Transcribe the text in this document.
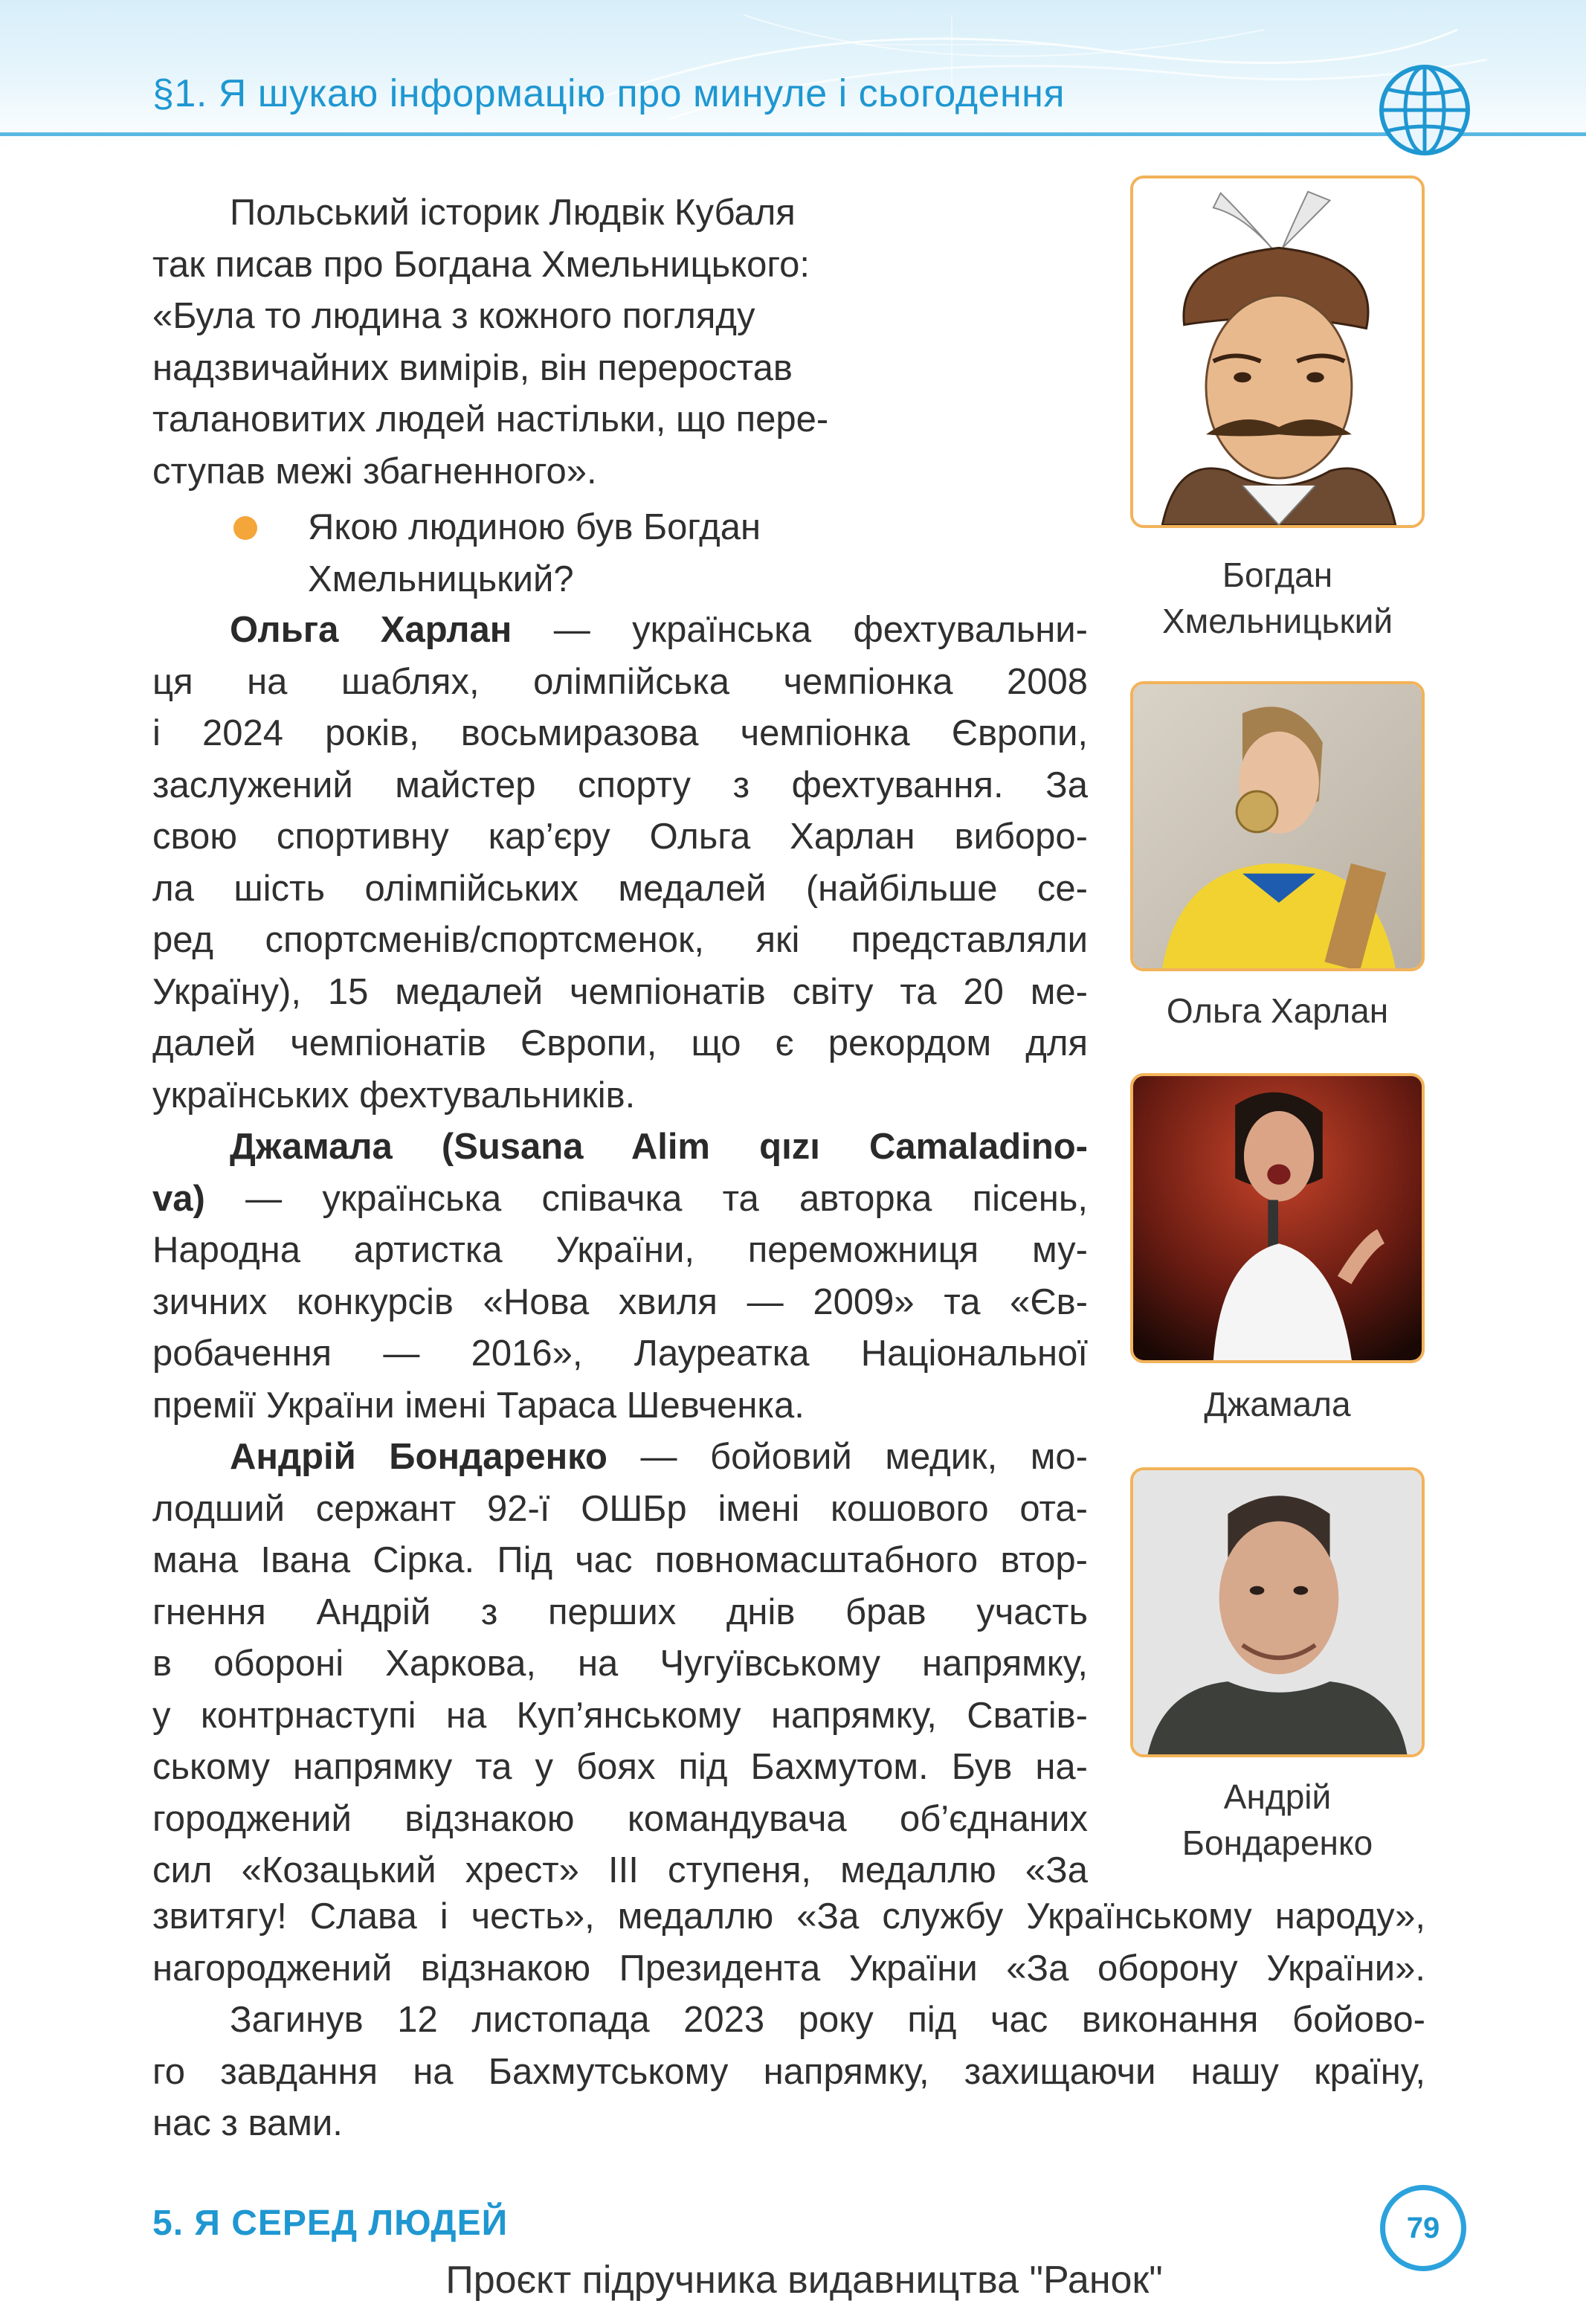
§1. Я шукаю інформацію про минуле і сьогодення
Польський історик Людвік Кубаля
так писав про Богдана Хмельницького:
«Була то людина з кожного погляду
надзвичайних вимірів, він переростав
талановитих людей настільки, що пере-
ступав межі збагненного».
Якою людиною був Богдан
Хмельницький?
Ольга Харлан — українська фехтувальни-
ця на шаблях, олімпійська чемпіонка 2008
і 2024 років, восьмиразова чемпіонка Європи,
заслужений майстер спорту з фехтування. За
свою спортивну кар’єру Ольга Харлан виборо-
ла шість олімпійських медалей (найбільше се-
ред спортсменів/спортсменок, які представляли
Україну), 15 медалей чемпіонатів світу та 20 ме-
далей чемпіонатів Європи, що є рекордом для
українських фехтувальників.
Джамала (Susana Alim qızı Camaladino-
va) — українська співачка та авторка пісень,
Народна артистка України, переможниця му-
зичних конкурсів «Нова хвиля — 2009» та «Єв-
робачення — 2016», Лауреатка Національної
премії України імені Тараса Шевченка.
Андрій Бондаренко — бойовий медик, мо-
лодший сержант 92-ї ОШБр імені кошового ота-
мана Івана Сірка. Під час повномасштабного втор-
гнення Андрій з перших днів брав участь
в обороні Харкова, на Чугуївському напрямку,
у контрнаступі на Куп’янському напрямку, Сватів-
ському напрямку та у боях під Бахмутом. Був на-
городжений відзнакою командувача об’єднаних
сил «Козацький хрест» ІІІ ступеня, медаллю «За
звитягу! Слава і честь», медаллю «За службу Українському народу»,
нагороджений відзнакою Президента України «За оборону України».
Загинув 12 листопада 2023 року під час виконання бойово-
го завдання на Бахмутському напрямку, захищаючи нашу країну,
нас з вами.
Богдан
Хмельницький
Ольга Харлан
Джамала
Андрій
Бондаренко
5. Я СЕРЕД ЛЮДЕЙ	79
Проєкт підручника видавництва "Ранок"
